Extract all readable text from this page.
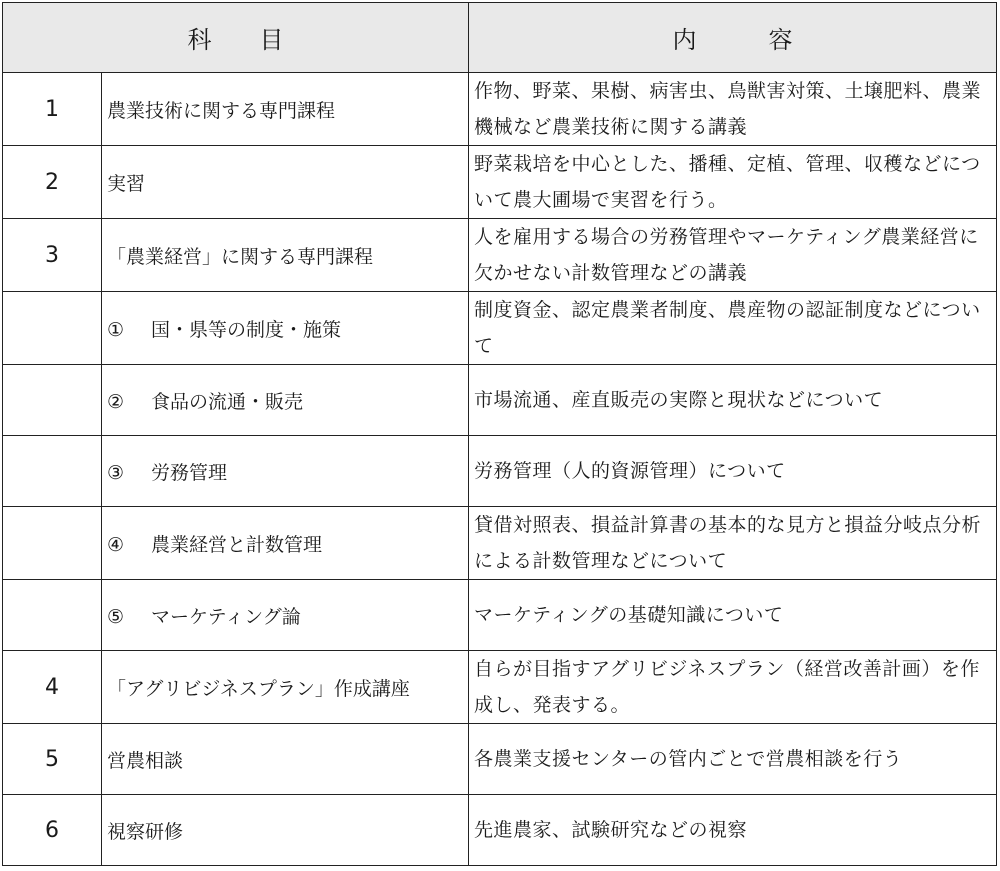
科 目		内 容

1	農業技術に関する専門課程	作物、野菜、果樹、病害虫、鳥獣害対策、土壌肥料、農業機械など農業技術に関する講義
2	実習	野菜栽培を中心とした、播種、定植、管理、収穫などについて農大圃場で実習を行う。
3	「農業経営」に関する専門課程	人を雇用する場合の労務管理やマーケティング農業経営に欠かせない計数管理などの講義
	① 国・県等の制度・施策	制度資金、認定農業者制度、農産物の認証制度などについて
	② 食品の流通・販売	市場流通、産直販売の実際と現状などについて
	③ 労務管理	労務管理（人的資源管理）について
	④ 農業経営と計数管理	貸借対照表、損益計算書の基本的な見方と損益分岐点分析による計数管理などについて
	⑤ マーケティング論	マーケティングの基礎知識について
4	「アグリビジネスプラン」作成講座	自らが目指すアグリビジネスプラン（経営改善計画）を作成し、発表する。
5	営農相談	各農業支援センターの管内ごとで営農相談を行う
6	視察研修	先進農家、試験研究などの視察
